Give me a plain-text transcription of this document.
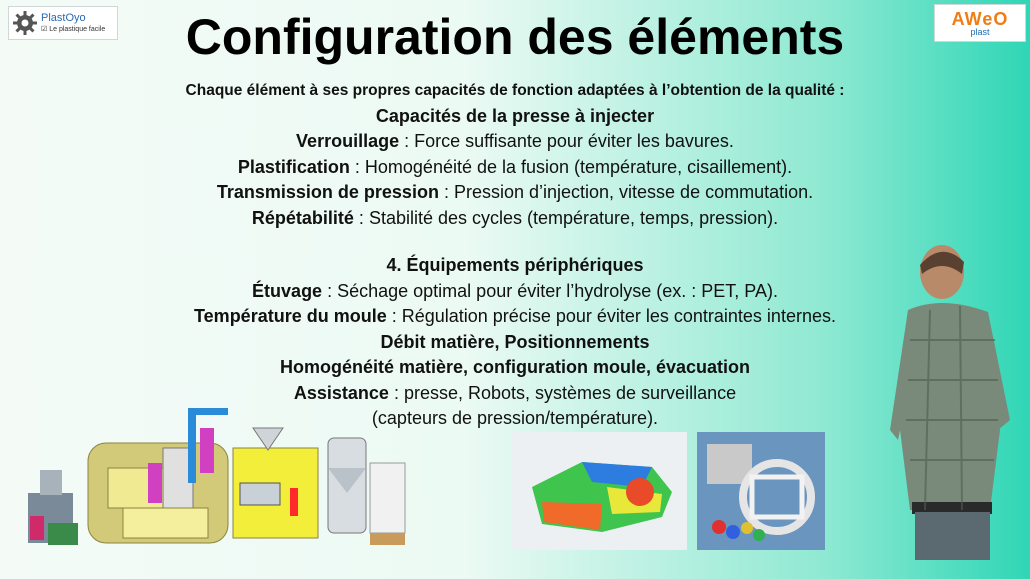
PlastOyo
☑ Le plastique facile
AWeO
plast
Configuration des éléments
Chaque élément à ses propres capacités de fonction adaptées à l’obtention de la qualité :
Capacités de la presse à injecter
Verrouillage : Force suffisante pour éviter les bavures.
Plastification : Homogénéité de la fusion (température, cisaillement).
Transmission de pression : Pression d’injection, vitesse de commutation.
Répétabilité : Stabilité des cycles (température, temps, pression).
4. Équipements périphériques
Étuvage : Séchage optimal pour éviter l’hydrolyse (ex. : PET, PA).
Température du moule : Régulation précise pour éviter les contraintes internes.
Débit matière, Positionnements
Homogénéité matière, configuration moule, évacuation
Assistance : presse, Robots, systèmes de surveillance
(capteurs de pression/température).
